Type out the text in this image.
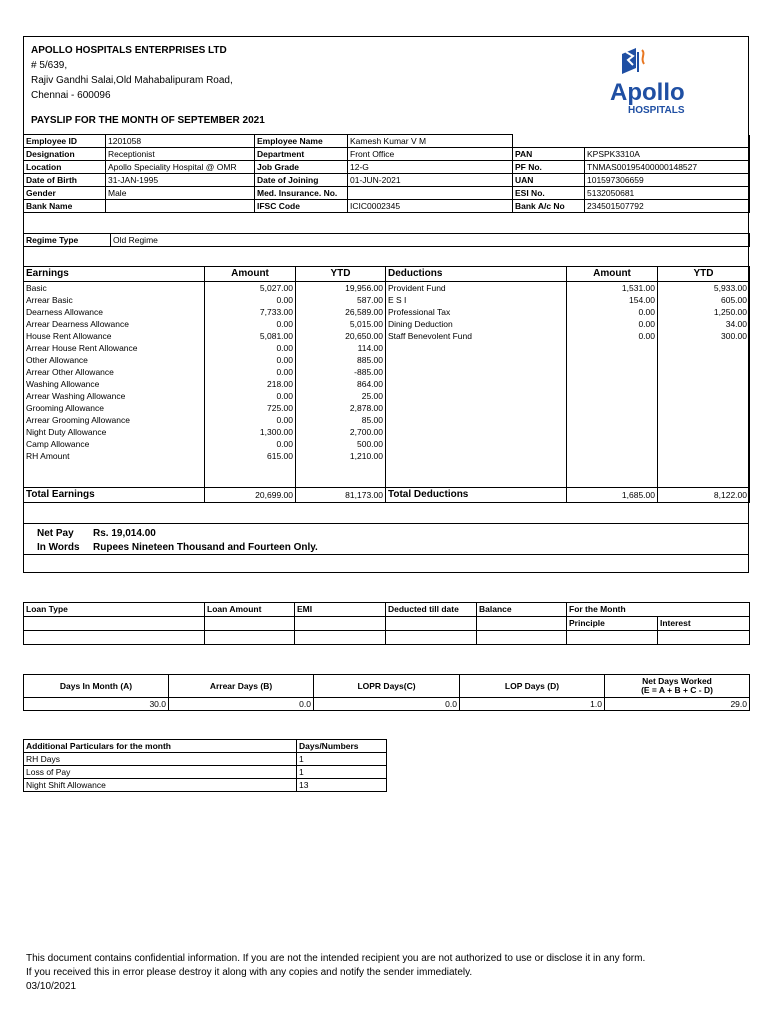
APOLLO HOSPITALS ENTERPRISES LTD
# 5/639,
Rajiv Gandhi Salai,Old Mahabalipuram Road,
Chennai - 600096	Apollo
HOSPITALS
PAYSLIP FOR THE MONTH OF SEPTEMBER 2021
Employee ID	1201058	Employee Name	Kamesh Kumar V M		
Designation	Receptionist	Department	Front Office	PAN	KPSPK3310A
Location	Apollo Speciality Hospital @ OMR	Job Grade	12-G	PF No.	TNMAS00195400000148527
Date of Birth	31-JAN-1995	Date of Joining	01-JUN-2021	UAN	101597306659
Gender	Male	Med. Insurance. No.		ESI No.	5132050681
Bank Name		IFSC Code	ICIC0002345	Bank A/c No	234501507792
Regime Type	Old Regime
Earnings	Amount	YTD	Deductions	Amount	YTD
Basic	5,027.00	19,956.00	Provident Fund	1,531.00	5,933.00
Arrear Basic	0.00	587.00	E S I	154.00	605.00
Dearness Allowance	7,733.00	26,589.00	Professional Tax	0.00	1,250.00
Arrear Dearness Allowance	0.00	5,015.00	Dining Deduction	0.00	34.00
House Rent Allowance	5,081.00	20,650.00	Staff Benevolent Fund	0.00	300.00
Arrear House Rent Allowance	0.00	114.00			
Other Allowance	0.00	885.00			
Arrear Other Allowance	0.00	-885.00			
Washing Allowance	218.00	864.00			
Arrear Washing Allowance	0.00	25.00			
Grooming Allowance	725.00	2,878.00			
Arrear Grooming Allowance	0.00	85.00			
Night Duty Allowance	1,300.00	2,700.00			
Camp Allowance	0.00	500.00			
RH Amount	615.00	1,210.00			

Total Earnings	20,699.00	81,173.00	Total Deductions	1,685.00	8,122.00
Net Pay Rs. 19,014.00
In Words Rupees Nineteen Thousand and Fourteen Only.
Loan Type	Loan Amount	EMI	Deducted till date	Balance	For the Month	
					Principle	Interest

Days In Month (A)	Arrear Days (B)	LOPR Days(C)	LOP Days (D)	Net Days Worked
(E = A + B + C - D)

30.0	0.0	0.0	1.0	29.0
Additional Particulars for the month	Days/Numbers
RH Days	1
Loss of Pay	1
Night Shift Allowance	13
This document contains confidential information. If you are not the intended recipient you are not authorized to use or disclose it in any form.
If you received this in error please destroy it along with any copies and notify the sender immediately.
03/10/2021
